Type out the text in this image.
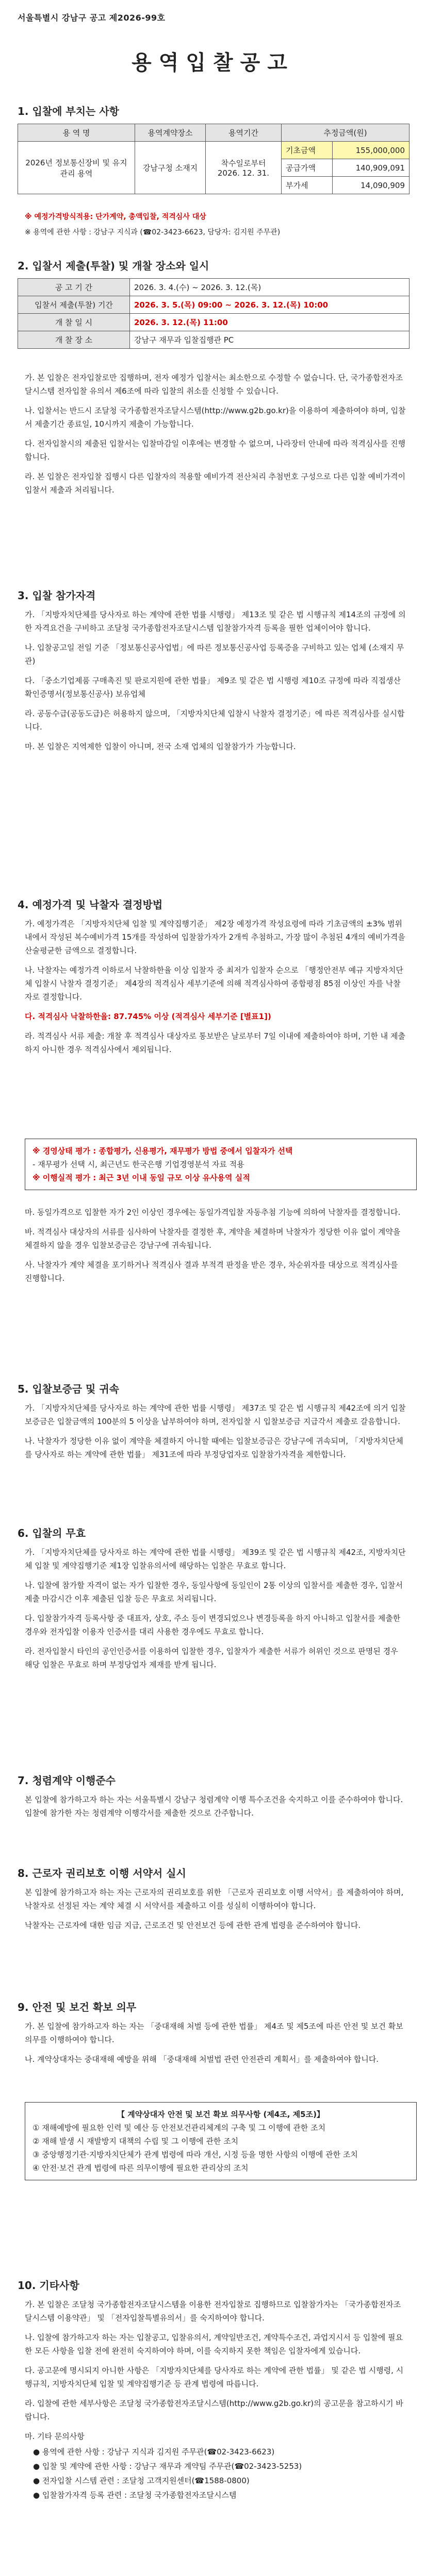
서울특별시 강남구 공고 제2026-99호
용역입찰공고
1. 입찰에 부치는 사항
용 역 명	용역계약장소	용역기간	추정금액(원)	
2026년 정보통신장비 및 유지관리 용역	강남구청 소재지	착수일로부터 2026. 12. 31.	기초금액	155,000,000
			공급가액	140,909,091
			부가세	14,090,909
※ 예정가격방식적용: 단가계약, 총액입찰, 적격심사 대상
※ 용역에 관한 사항 : 강남구 지식과 (☎02-3423-6623, 담당자: 김지원 주무관)
2. 입찰서 제출(투찰) 및 개찰 장소와 일시
공 고 기 간	2026. 3. 4.(수) ~ 2026. 3. 12.(목)
입찰서 제출(투찰) 기간	2026. 3. 5.(목) 09:00 ~ 2026. 3. 12.(목) 10:00
개 찰 일 시	2026. 3. 12.(목) 11:00
개 찰 장 소	강남구 재무과 입찰집행관 PC

가. 본 입찰은 전자입찰로만 집행하며, 전자 예정가 입찰서는 최소한으로 수정할 수 없습니다. 단, 국가종합전자조달시스템 전자입찰 유의서 제6조에 따라 입찰의 취소를 신청할 수 있습니다.

나. 입찰서는 반드시 조달청 국가종합전자조달시스템(http://www.g2b.go.kr)을 이용하여 제출하여야 하며, 입찰서 제출기간 종료일, 10시까지 제출이 가능합니다.

다. 전자입찰시의 제출된 입찰서는 입찰마감일 이후에는 변경할 수 없으며, 나라장터 안내에 따라 적격심사를 진행합니다.

라. 본 입찰은 전자입찰 집행시 다른 입찰자의 적용할 예비가격 전산처리 추첨번호 구성으로 다른 입찰 예비가격이 입찰서 제출과 처리됩니다.

3. 입찰 참가자격

가. 「지방자치단체를 당사자로 하는 계약에 관한 법률 시행령」 제13조 및 같은 법 시행규칙 제14조의 규정에 의한 자격요건을 구비하고 조달청 국가종합전자조달시스템 입찰참가자격 등록을 필한 업체이어야 합니다.

나. 입찰공고일 전일 기준 「정보통신공사업법」에 따른 정보통신공사업 등록증을 구비하고 있는 업체 (소재지 무관)

다. 「중소기업제품 구매촉진 및 판로지원에 관한 법률」 제9조 및 같은 법 시행령 제10조 규정에 따라 직접생산확인증명서(정보통신공사) 보유업체

라. 공동수급(공동도급)은 허용하지 않으며, 「지방자치단체 입찰시 낙찰자 결정기준」에 따른 적격심사를 실시합니다.

마. 본 입찰은 지역제한 입찰이 아니며, 전국 소재 업체의 입찰참가가 가능합니다.

4. 예정가격 및 낙찰자 결정방법

가. 예정가격은 「지방자치단체 입찰 및 계약집행기준」 제2장 예정가격 작성요령에 따라 기초금액의 ±3% 범위 내에서 작성된 복수예비가격 15개를 작성하여 입찰참가자가 2개씩 추첨하고, 가장 많이 추첨된 4개의 예비가격을 산술평균한 금액으로 결정합니다.

나. 낙찰자는 예정가격 이하로서 낙찰하한율 이상 입찰자 중 최저가 입찰자 순으로 「행정안전부 예규 지방자치단체 입찰시 낙찰자 결정기준」 제4장의 적격심사 세부기준에 의해 적격심사하여 종합평점 85점 이상인 자를 낙찰자로 결정합니다.

다. 적격심사 낙찰하한율: 87.745% 이상 (적격심사 세부기준 [별표1])

라. 적격심사 서류 제출: 개찰 후 적격심사 대상자로 통보받은 날로부터 7일 이내에 제출하여야 하며, 기한 내 제출하지 아니한 경우 적격심사에서 제외됩니다.

※ 경영상태 평가 : 종합평가, 신용평가, 재무평가 방법 중에서 입찰자가 선택
- 재무평가 선택 시, 최근년도 한국은행 기업경영분석 자료 적용
※ 이행실적 평가 : 최근 3년 이내 동일 규모 이상 유사용역 실적

마. 동일가격으로 입찰한 자가 2인 이상인 경우에는 동일가격입찰 자동추첨 기능에 의하여 낙찰자를 결정합니다.

바. 적격심사 대상자의 서류를 심사하여 낙찰자를 결정한 후, 계약을 체결하며 낙찰자가 정당한 이유 없이 계약을 체결하지 않을 경우 입찰보증금은 강남구에 귀속됩니다.

사. 낙찰자가 계약 체결을 포기하거나 적격심사 결과 부적격 판정을 받은 경우, 차순위자를 대상으로 적격심사를 진행합니다.

5. 입찰보증금 및 귀속

가. 「지방자치단체를 당사자로 하는 계약에 관한 법률 시행령」 제37조 및 같은 법 시행규칙 제42조에 의거 입찰보증금은 입찰금액의 100분의 5 이상을 납부하여야 하며, 전자입찰 시 입찰보증금 지급각서 제출로 갈음합니다.

나. 낙찰자가 정당한 이유 없이 계약을 체결하지 아니할 때에는 입찰보증금은 강남구에 귀속되며, 「지방자치단체를 당사자로 하는 계약에 관한 법률」 제31조에 따라 부정당업자로 입찰참가자격을 제한합니다.

6. 입찰의 무효

가. 「지방자치단체를 당사자로 하는 계약에 관한 법률 시행령」 제39조 및 같은 법 시행규칙 제42조, 지방자치단체 입찰 및 계약집행기준 제1장 입찰유의서에 해당하는 입찰은 무효로 합니다.

나. 입찰에 참가할 자격이 없는 자가 입찰한 경우, 동일사항에 동일인이 2통 이상의 입찰서를 제출한 경우, 입찰서 제출 마감시간 이후 제출된 입찰 등은 무효로 처리됩니다.

다. 입찰참가자격 등록사항 중 대표자, 상호, 주소 등이 변경되었으나 변경등록을 하지 아니하고 입찰서를 제출한 경우와 전자입찰 이용자 인증서를 대리 사용한 경우에도 무효로 합니다.

라. 전자입찰시 타인의 공인인증서를 이용하여 입찰한 경우, 입찰자가 제출한 서류가 허위인 것으로 판명된 경우 해당 입찰은 무효로 하며 부정당업자 제재를 받게 됩니다.

7. 청렴계약 이행준수

본 입찰에 참가하고자 하는 자는 서울특별시 강남구 청렴계약 이행 특수조건을 숙지하고 이를 준수하여야 합니다. 입찰에 참가한 자는 청렴계약 이행각서를 제출한 것으로 간주합니다.

8. 근로자 권리보호 이행 서약서 실시

본 입찰에 참가하고자 하는 자는 근로자의 권리보호를 위한 「근로자 권리보호 이행 서약서」를 제출하여야 하며, 낙찰자로 선정된 자는 계약 체결 시 서약서를 제출하고 이를 성실히 이행하여야 합니다.

낙찰자는 근로자에 대한 임금 지급, 근로조건 및 안전보건 등에 관한 관계 법령을 준수하여야 합니다.

9. 안전 및 보건 확보 의무

가. 본 입찰에 참가하고자 하는 자는 「중대재해 처벌 등에 관한 법률」 제4조 및 제5조에 따른 안전 및 보건 확보 의무를 이행하여야 합니다.

나. 계약상대자는 중대재해 예방을 위해 「중대재해 처벌법 관련 안전관리 계획서」를 제출하여야 합니다.

【 계약상대자 안전 및 보건 확보 의무사항 (제4조, 제5조)】
① 재해예방에 필요한 인력 및 예산 등 안전보건관리체계의 구축 및 그 이행에 관한 조치
② 재해 발생 시 재발방지 대책의 수립 및 그 이행에 관한 조치
③ 중앙행정기관·지방자치단체가 관계 법령에 따라 개선, 시정 등을 명한 사항의 이행에 관한 조치
④ 안전·보건 관계 법령에 따른 의무이행에 필요한 관리상의 조치
10. 기타사항

가. 본 입찰은 조달청 국가종합전자조달시스템을 이용한 전자입찰로 집행하므로 입찰참가자는 「국가종합전자조달시스템 이용약관」 및 「전자입찰특별유의서」를 숙지하여야 합니다.

나. 입찰에 참가하고자 하는 자는 입찰공고, 입찰유의서, 계약일반조건, 계약특수조건, 과업지시서 등 입찰에 필요한 모든 사항을 입찰 전에 완전히 숙지하여야 하며, 이를 숙지하지 못한 책임은 입찰자에게 있습니다.

다. 공고문에 명시되지 아니한 사항은 「지방자치단체를 당사자로 하는 계약에 관한 법률」 및 같은 법 시행령, 시행규칙, 지방자치단체 입찰 및 계약집행기준 등 관계 법령에 따릅니다.

라. 입찰에 관한 세부사항은 조달청 국가종합전자조달시스템(http://www.g2b.go.kr)의 공고문을 참고하시기 바랍니다.

마. 기타 문의사항

● 용역에 관한 사항 : 강남구 지식과 김지원 주무관(☎02-3423-6623)

● 입찰 및 계약에 관한 사항 : 강남구 재무과 계약팀 주무관(☎02-3423-5253)

● 전자입찰 시스템 관련 : 조달청 고객지원센터(☎1588-0800)

● 입찰참가자격 등록 관련 : 조달청 국가종합전자조달시스템
